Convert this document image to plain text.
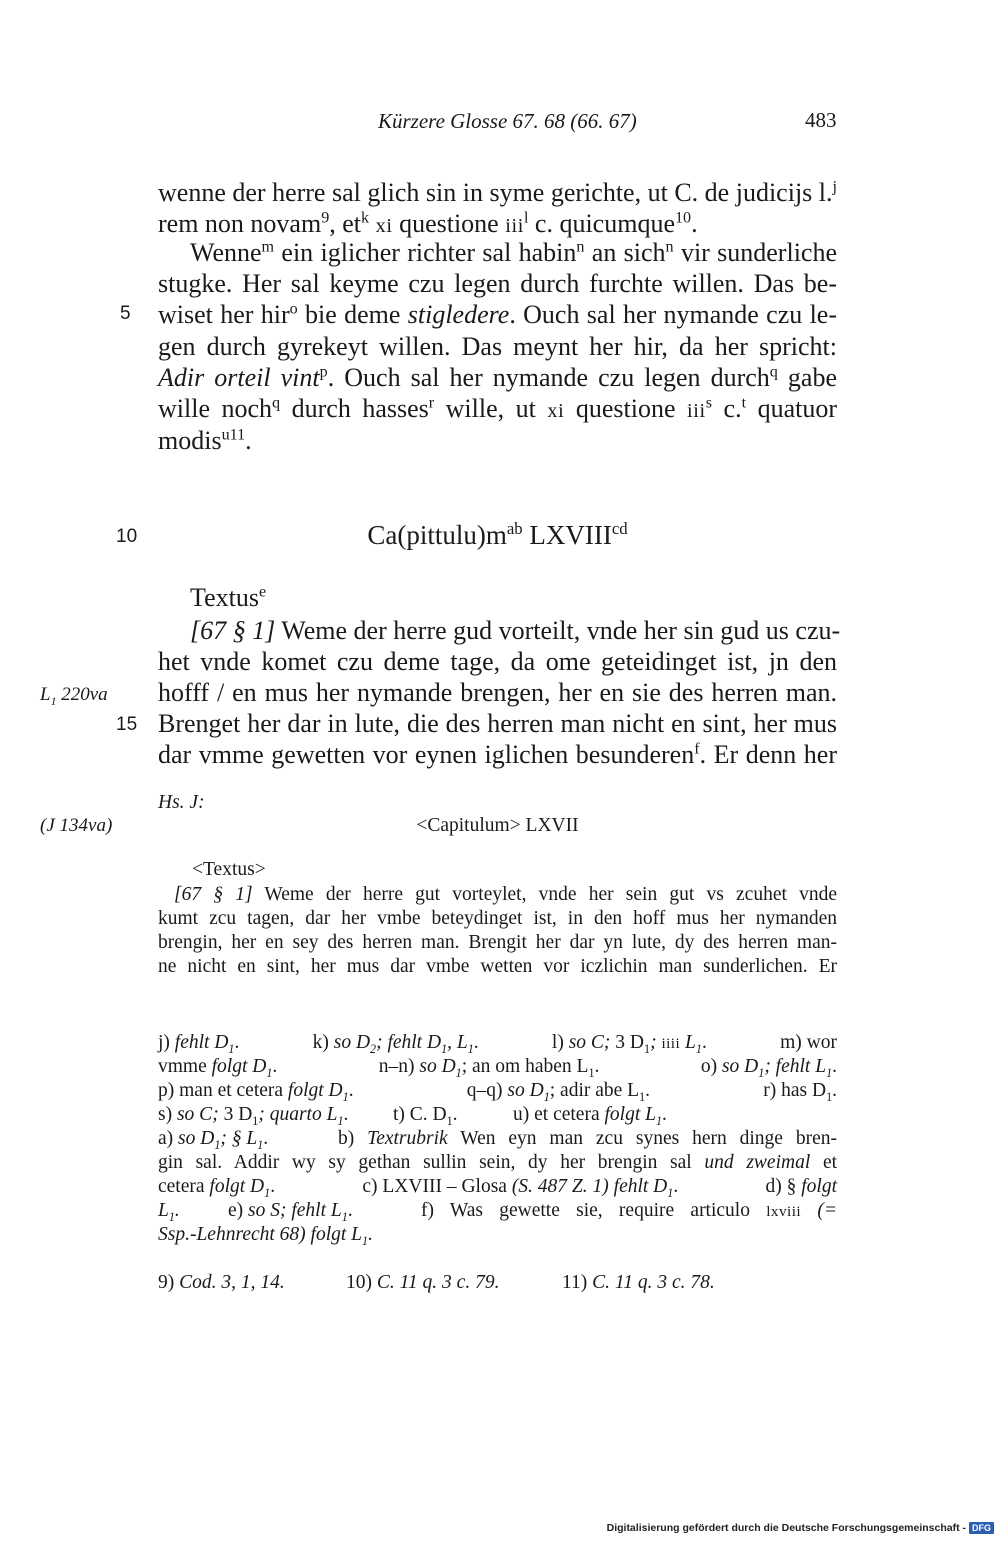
Kürzere Glosse 67. 68 (66. 67)	483
5
10
15
$L_1$ 220va
(J 134va)
wenne der herre sal glich sin in syme gerichte, ut C. de judicijs l.$^j$
rem non novam$^9$, $et^k$ xi questione iii$^l$ c. quicumque$^{10}$.
Wenne$^m$ ein iglicher richter sal habin$^n$ an sich$^n$ vir sunderliche
stugke. Her sal keyme czu legen durch furchte willen. Das be-
wiset her hir$^o$ bie deme stigledere. Ouch sal her nymande czu le-
gen durch gyrekeyt willen. Das meynt her hir, da her spricht:
Adir orteil vint$^p$. Ouch sal her nymande czu legen durch$^q$ gabe
wille noch$^q$ durch hasses$^r$ wille, ut xi questione iii$^s$ c.$^t$ quatuor
modis$^{u11}$.
$Ca(pittulu)m^{ab}$ $LXVIII^{cd}$
Textus$^e$
[67 § 1] Weme der herre gud vorteilt, vnde her sin gud us czu-
het vnde komet czu deme tage, da ome geteidinget ist, jn den
hofff / en mus her nymande brengen, her en sie des herren man.
Brenget her dar in lute, die des herren man nicht en sint, her mus
dar vmme gewetten vor eynen iglichen besunderen$^f$. Er denn her
Hs. J:
<Capitulum> LXVII
<Textus>
[67 § 1] Weme der herre gut vorteylet, vnde her sein gut vs zcuhet vnde
kumt zcu tagen, dar her vmbe beteydinget ist, in den hoff mus her nymanden
brengin, her en sey des herren man. Brengit her dar yn lute, dy des herren man-
ne nicht en sint, her mus dar vmbe wetten vor iczlichin man sunderlichen. Er
j) fehlt $D_1$.	k) so $D_2$; fehlt $D_1$, $L_1$.	l) so C; 3 $D_1$; iiii $L_1$.	m) wor
vmme folgt $D_1$.	n–n) so $D_1$; an om haben $L_1$.	o) so $D_1$; fehlt $L_1$.
p) man et cetera folgt $D_1$.	q–q) so $D_1$; adir abe $L_1$.	r) has $D_1$.
s) so C; 3 $D_1$; quarto $L_1$.	t) C. $D_1$.	u) et cetera folgt $L_1$.
a) so $D_1$; § $L_1$.	b) Textrubrik Wen eyn man zcu synes hern dinge bren-
gin sal. Addir wy sy gethan sullin sein, dy her brengin sal und zweimal et
cetera folgt $D_1$.	c) LXVIII – Glosa (S. 487 Z. 1) fehlt $D_1$.	d) § folgt
$L_1$.	e) so S; fehlt $L_1$.	f) Was gewette sie, require articulo lxviii (=
Ssp.-Lehnrecht 68) folgt $L_1$.
9) Cod. 3, 1, 14.	10) C. 11 q. 3 c. 79.	11) C. 11 q. 3 c. 78.
Digitalisierung gefördert durch die Deutsche Forschungsgemeinschaft - DFG
